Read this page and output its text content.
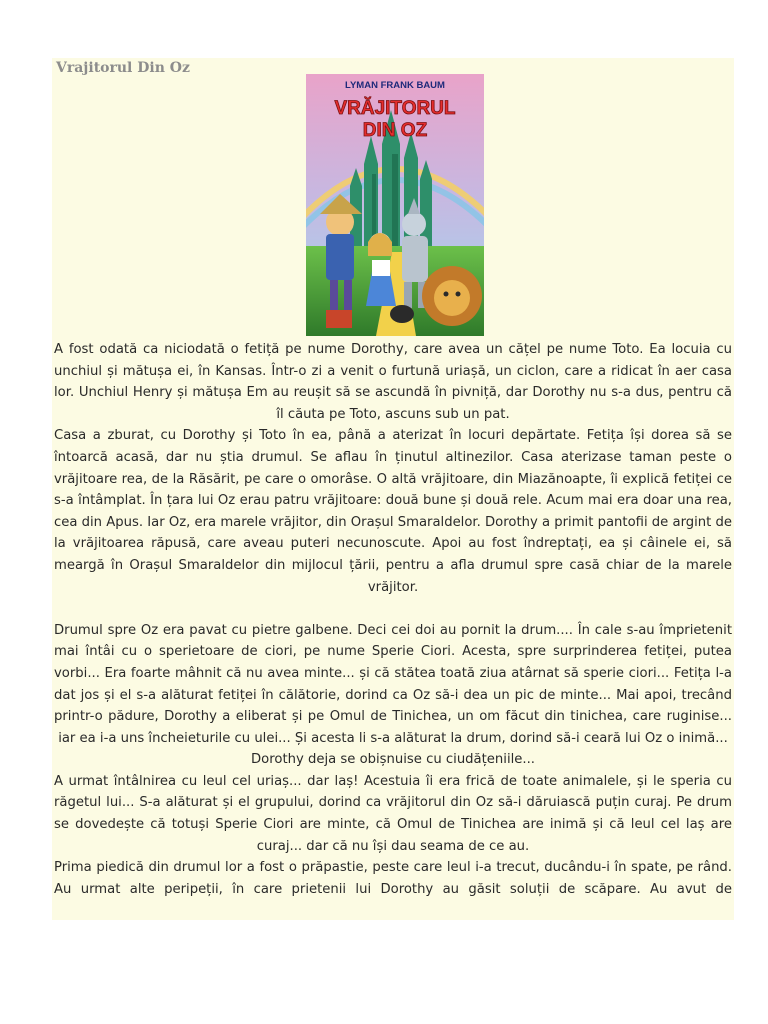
Vrajitorul Din Oz
LYMAN FRANK BAUM
VRĂJITORUL
DIN OZ

A fost odată ca niciodată o fetiță pe nume Dorothy, care avea un cățel pe nume Toto. Ea locuia cu unchiul și mătușa ei, în Kansas. Într-o zi a venit o furtună uriașă, un ciclon, care a ridicat în aer casa lor. Unchiul Henry și mătușa Em au reușit să se ascundă în pivniță, dar Dorothy nu s-a dus, pentru că îl căuta pe Toto, ascuns sub un pat.

Casa a zburat, cu Dorothy și Toto în ea, până a aterizat în locuri depărtate. Fetița își dorea să se întoarcă acasă, dar nu știa drumul. Se aflau în ținutul altinezilor. Casa aterizase taman peste o vrăjitoare rea, de la Răsărit, pe care o omorâse. O altă vrăjitoare, din Miazănoapte, îi explică fetiței ce s-a întâmplat. În țara lui Oz erau patru vrăjitoare: două bune și două rele. Acum mai era doar una rea, cea din Apus. Iar Oz, era marele vrăjitor, din Orașul Smaraldelor. Dorothy a primit pantofii de argint de la vrăjitoarea răpusă, care aveau puteri necunoscute. Apoi au fost îndreptați, ea și câinele ei, să meargă în Orașul Smaraldelor din mijlocul țării, pentru a afla drumul spre casă chiar de la marele vrăjitor.

Drumul spre Oz era pavat cu pietre galbene. Deci cei doi au pornit la drum.... În cale s-au împrietenit mai întâi cu o sperietoare de ciori, pe nume Sperie Ciori. Acesta, spre surprinderea fetiței, putea vorbi... Era foarte mâhnit că nu avea minte... și că stătea toată ziua atârnat să sperie ciori... Fetița l-a dat jos și el s-a alăturat fetiței în călătorie, dorind ca Oz să-i dea un pic de minte... Mai apoi, trecând printr-o pădure, Dorothy a eliberat și pe Omul de Tinichea, un om făcut din tinichea, care ruginise... iar ea i-a uns încheieturile cu ulei... Și acesta li s-a alăturat la drum, dorind să-i ceară lui Oz o inimă...

Dorothy deja se obișnuise cu ciudățeniile...

A urmat întâlnirea cu leul cel uriaș... dar laș! Acestuia îi era frică de toate animalele, și le speria cu răgetul lui... S-a alăturat și el grupului, dorind ca vrăjitorul din Oz să-i dăruiască puțin curaj. Pe drum se dovedește că totuși Sperie Ciori are minte, că Omul de Tinichea are inimă și că leul cel laș are curaj... dar că nu își dau seama de ce au.

Prima piedică din drumul lor a fost o prăpastie, peste care leul i-a trecut, ducându-i în spate, pe rând. Au urmat alte peripeții, în care prietenii lui Dorothy au găsit soluții de scăpare. Au avut de
